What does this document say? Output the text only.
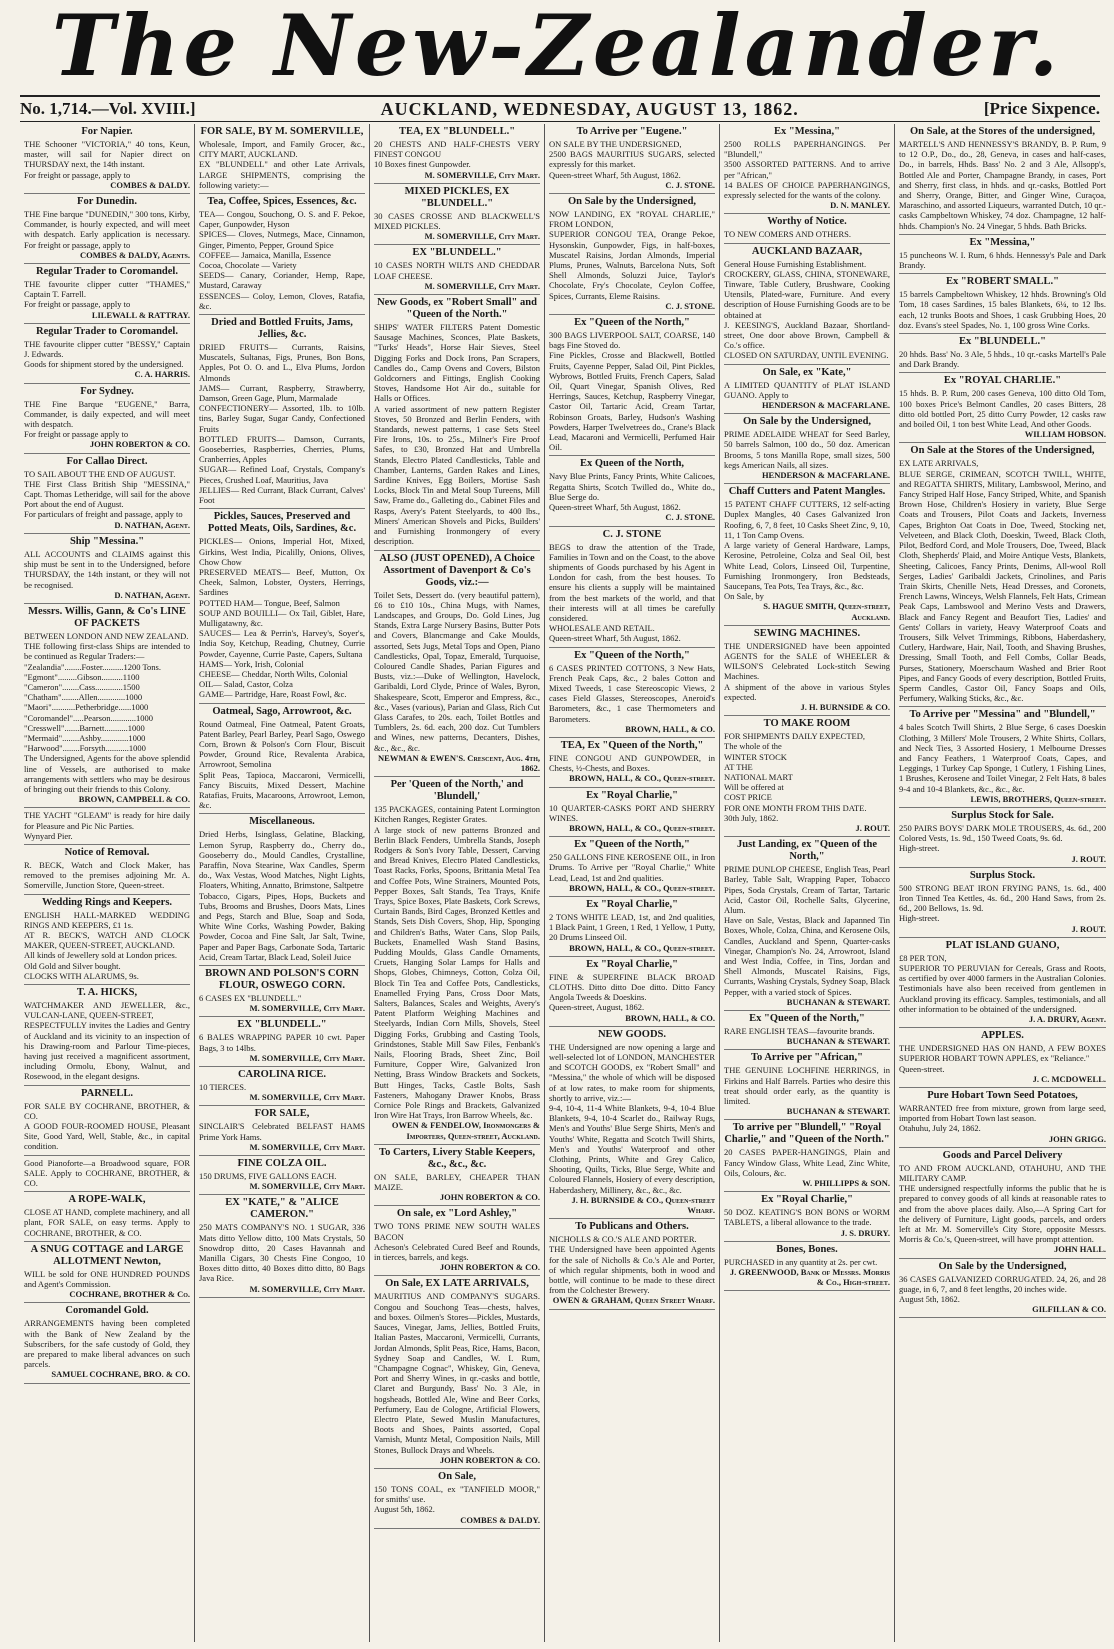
The New-Zealander.
No. 1,714.—Vol. XVIII.]	AUCKLAND, WEDNESDAY, AUGUST 13, 1862.	[Price Sixpence.
For Napier.

THE Schooner "VICTORIA," 40 tons, Keun, master, will sail for Napier direct on THURSDAY next, the 14th instant.

For freight or passage, apply to

COMBES & DALDY.

For Dunedin.

THE Fine barque "DUNEDIN," 300 tons, Kirby, Commander, is hourly expected, and will meet with despatch. Early application is necessary. For freight or passage, apply to

COMBES & DALDY, Agents.

Regular Trader to Coromandel.

THE favourite clipper cutter "THAMES," Captain T. Farrell.

For freight or passage, apply to

LILEWALL & RATTRAY.

Regular Trader to Coromandel.

THE favourite clipper cutter "BESSY," Captain J. Edwards.

Goods for shipment stored by the undersigned.

C. A. HARRIS.

For Sydney.

THE Fine Barque "EUGENE," Barra, Commander, is daily expected, and will meet with despatch.

For freight or passage apply to

JOHN ROBERTON & CO.

For Callao Direct.

TO SAIL ABOUT THE END OF AUGUST.

THE First Class British Ship "MESSINA," Capt. Thomas Letheridge, will sail for the above Port about the end of August.

For particulars of freight and passage, apply to

D. NATHAN, Agent.

Ship "Messina."

ALL ACCOUNTS and CLAIMS against this ship must be sent in to the Undersigned, before THURSDAY, the 14th instant, or they will not be recognised.

D. NATHAN, Agent.

Messrs. Willis, Gann, & Co's LINE OF PACKETS

BETWEEN LONDON AND NEW ZEALAND.

THE following first-class Ships are intended to be continued as Regular Traders:—

"Zealandia"........Foster..........1200 Tons.

"Egmont".........Gibson..........1100

"Cameron"........Cass.............1500

"Chatham"........Allen.............1000

"Maori"...........Petherbridge......1000

"Coromandel".....Pearson............1000

"Cresswell".......Barnett...........1000

"Mermaid"........Ashby.............1000

"Harwood"........Forsyth...........1000

The Undersigned, Agents for the above splendid line of Vessels, are authorised to make arrangements with settlers who may be desirous of bringing out their friends to this Colony.

BROWN, CAMPBELL & CO.

THE YACHT "GLEAM" is ready for hire daily for Pleasure and Pic Nic Parties.

Wynyard Pier.

Notice of Removal.

R. BECK, Watch and Clock Maker, has removed to the premises adjoining Mr. A. Somerville, Junction Store, Queen-street.

Wedding Rings and Keepers.

ENGLISH HALL-MARKED WEDDING RINGS AND KEEPERS, £1 1s.

AT R. BECK'S, WATCH AND CLOCK MAKER, QUEEN-STREET, AUCKLAND.

All kinds of Jewellery sold at London prices.

Old Gold and Silver bought.

CLOCKS WITH ALARUMS, 9s.

T. A. HICKS,

WATCHMAKER AND JEWELLER, &c., VULCAN-LANE, QUEEN-STREET,

RESPECTFULLY invites the Ladies and Gentry of Auckland and its vicinity to an inspection of his Drawing-room and Parlour Time-pieces, having just received a magnificent assortment, including Ormolu, Ebony, Walnut, and Rosewood, in the elegant designs.

PARNELL.

FOR SALE BY COCHRANE, BROTHER, & CO.

A GOOD FOUR-ROOMED HOUSE, Pleasant Site, Good Yard, Well, Stable, &c., in capital condition.

Good Pianoforte—a Broadwood square, FOR SALE. Apply to COCHRANE, BROTHER, & CO.

A ROPE-WALK,

CLOSE AT HAND, complete machinery, and all plant, FOR SALE, on easy terms. Apply to COCHRANE, BROTHER, & CO.

A SNUG COTTAGE and LARGE ALLOTMENT Newton,

WILL be sold for ONE HUNDRED POUNDS and Agent's Commission.

COCHRANE, BROTHER & Co.

Coromandel Gold.

ARRANGEMENTS having been completed with the Bank of New Zealand by the Subscribers, for the safe custody of Gold, they are prepared to make liberal advances on such parcels.

SAMUEL COCHRANE, BRO. & CO.

FOR SALE, BY M. SOMERVILLE,

Wholesale, Import, and Family Grocer, &c., CITY MART, AUCKLAND.

EX "BLUNDELL" and other Late Arrivals, LARGE SHIPMENTS, comprising the following variety:—

Tea, Coffee, Spices, Essences, &c.

TEA— Congou, Souchong, O. S. and F. Pekoe, Caper, Gunpowder, Hyson

SPICES— Cloves, Nutmegs, Mace, Cinnamon, Ginger, Pimento, Pepper, Ground Spice

COFFEE— Jamaica, Manilla, Essence

Cocoa, Chocolate — Variety

SEEDS— Canary, Coriander, Hemp, Rape, Mustard, Caraway

ESSENCES— Coloy, Lemon, Cloves, Ratafia, &c.

Dried and Bottled Fruits, Jams, Jellies, &c.

DRIED FRUITS— Currants, Raisins, Muscatels, Sultanas, Figs, Prunes, Bon Bons, Apples, Pot O. O. and L., Elva Plums, Jordon Almonds

JAMS— Currant, Raspberry, Strawberry, Damson, Green Gage, Plum, Marmalade

CONFECTIONERY— Assorted, 1lb. to 10lb. tins, Barley Sugar, Sugar Candy, Confectioned Fruits

BOTTLED FRUITS— Damson, Currants, Gooseberries, Raspberries, Cherries, Plums, Cranberries, Apples

SUGAR— Refined Loaf, Crystals, Company's Pieces, Crushed Loaf, Mauritius, Java

JELLIES— Red Currant, Black Currant, Calves' Foot

Pickles, Sauces, Preserved and Potted Meats, Oils, Sardines, &c.

PICKLES— Onions, Imperial Hot, Mixed, Girkins, West India, Picalilly, Onions, Olives, Chow Chow

PRESERVED MEATS— Beef, Mutton, Ox Cheek, Salmon, Lobster, Oysters, Herrings, Sardines

POTTED HAM— Tongue, Beef, Salmon

SOUP AND BOUILLI— Ox Tail, Giblet, Hare, Mulligatawny, &c.

SAUCES— Lea & Perrin's, Harvey's, Soyer's, India Soy, Ketchup, Reading, Chutney, Currie Powder, Cayenne, Currie Paste, Capers, Sultana

HAMS— York, Irish, Colonial

CHEESE— Cheddar, North Wilts, Colonial

OIL— Salad, Castor, Colza

GAME— Partridge, Hare, Roast Fowl, &c.

Oatmeal, Sago, Arrowroot, &c.

Round Oatmeal, Fine Oatmeal, Patent Groats, Patent Barley, Pearl Barley, Pearl Sago, Oswego Corn, Brown & Polson's Corn Flour, Biscuit Powder, Ground Rice, Revalenta Arabica, Arrowroot, Semolina

Split Peas, Tapioca, Maccaroni, Vermicelli, Fancy Biscuits, Mixed Dessert, Machine Ratafias, Fruits, Macaroons, Arrowroot, Lemon, &c.

Miscellaneous.

Dried Herbs, Isinglass, Gelatine, Blacking, Lemon Syrup, Raspberry do., Cherry do., Gooseberry do., Mould Candles, Crystalline, Paraffin, Nova Stearine, Wax Candles, Sperm do., Wax Vestas, Wood Matches, Night Lights, Floaters, Whiting, Annatto, Brimstone, Saltpetre

Tobacco, Cigars, Pipes, Hops, Buckets and Tubs, Brooms and Brushes, Doors Mats, Lines and Pegs, Starch and Blue, Soap and Soda, White Wine Corks, Washing Powder, Baking Powder, Cocoa and Fine Salt, Jar Salt, Twine, Paper and Paper Bags, Carbonate Soda, Tartaric Acid, Cream Tartar, Black Lead, Soleil Juice

BROWN AND POLSON'S CORN FLOUR, OSWEGO CORN.

6 CASES EX "BLUNDELL."

M. SOMERVILLE, City Mart.

EX "BLUNDELL."

6 BALES WRAPPING PAPER 10 cwt. Paper Bags, 3 to 14lbs.

M. SOMERVILLE, City Mart.

CAROLINA RICE.

10 TIERCES.

M. SOMERVILLE, City Mart.

FOR SALE,

SINCLAIR'S Celebrated BELFAST HAMS Prime York Hams.

M. SOMERVILLE, City Mart.

FINE COLZA OIL.

150 DRUMS, FIVE GALLONS EACH.

M. SOMERVILLE, City Mart.

EX "KATE," & "ALICE CAMERON."

250 MATS COMPANY'S NO. 1 SUGAR, 336 Mats ditto Yellow ditto, 100 Mats Crystals, 50 Snowdrop ditto, 20 Cases Havannah and Manilla Cigars, 30 Chests Fine Congoo, 10 Boxes ditto ditto, 40 Boxes ditto ditto, 80 Bags Java Rice.

M. SOMERVILLE, City Mart.

TEA, EX "BLUNDELL."

20 CHESTS AND HALF-CHESTS VERY FINEST CONGOU

10 Boxes finest Gunpowder.

M. SOMERVILLE, City Mart.

MIXED PICKLES, EX "BLUNDELL."

30 CASES CROSSE AND BLACKWELL'S MIXED PICKLES.

M. SOMERVILLE, City Mart.

EX "BLUNDELL."

10 CASES NORTH WILTS AND CHEDDAR LOAF CHEESE.

M. SOMERVILLE, City Mart.

New Goods, ex "Robert Small" and "Queen of the North."

SHIPS' WATER FILTERS Patent Domestic Sausage Machines, Sconces, Plate Baskets, "Turks' Heads", Horse Hair Sieves, Steel Digging Forks and Dock Irons, Pan Scrapers, Candles do., Camp Ovens and Covers, Bilston Goldcorners and Fittings, English Cooking Stoves, Handsome Hot Air do., suitable for Halls or Offices.

A varied assortment of new pattern Register Stoves, 50 Bronzed and Berlin Fenders, with Standards, newest patterns, 1 case Sets Steel Fire Irons, 10s. to 25s., Milner's Fire Proof Safes, to £30, Bronzed Hat and Umbrella Stands, Electro Plated Candlesticks, Table and Chamber, Lanterns, Garden Rakes and Lines, Sardine Knives, Egg Boilers, Mortise Sash Locks, Block Tin and Metal Soup Tureens, Mill Saw, Frame do., Galleting do., Cabinet Files and Rasps, Avery's Patent Steelyards, to 400 lbs., Miners' American Shovels and Picks, Builders' and Furnishing Ironmongery of every description.

ALSO (JUST OPENED), A Choice Assortment of Davenport & Co's Goods, viz.:—

Toilet Sets, Dessert do. (very beautiful pattern), £6 to £10 10s., China Mugs, with Names, Landscapes, and Groups, Do. Gold Lines, Jug Stands, Extra Large Nursery Basins, Butter Pots and Covers, Blancmange and Cake Moulds, assorted, Sets Jugs, Metal Tops and Open, Piano Candlesticks, Opal, Topaz, Emerald, Turquoise, Coloured Candle Shades, Parian Figures and Busts, viz.:—Duke of Wellington, Havelock, Garibaldi, Lord Clyde, Prince of Wales, Byron, Shakespeare, Scott, Emperor and Empress, &c., &c., Vases (various), Parian and Glass, Rich Cut Glass Carafes, to 20s. each, Toilet Bottles and Tumblers, 2s. 6d. each, 200 doz. Cut Tumblers and Wines, new patterns, Decanters, Dishes, &c., &c., &c.

NEWMAN & EWEN'S. Crescent, Aug. 4th, 1862.

Per 'Queen of the North,' and 'Blundell,'

135 PACKAGES, containing Patent Lormington Kitchen Ranges, Register Grates.

A large stock of new patterns Bronzed and Berlin Black Fenders, Umbrella Stands, Joseph Rodgers & Son's Ivory Table, Dessert, Carving and Bread Knives, Electro Plated Candlesticks, Toast Racks, Forks, Spoons, Brittania Metal Tea and Coffee Pots, Wine Strainers, Mounted Pots, Pepper Boxes, Salt Stands, Tea Trays, Knife Trays, Spice Boxes, Plate Baskets, Cork Screws, Curtain Bands, Bird Cages, Bronzed Kettles and Stands, Sets Dish Covers, Shop, Hip, Sponging and Children's Baths, Water Cans, Slop Pails, Buckets, Enamelled Wash Stand Basins, Pudding Moulds, Glass Candle Ornaments, Cruets, Hanging Solar Lamps for Halls and Shops, Globes, Chimneys, Cotton, Colza Oil, Block Tin Tea and Coffee Pots, Candlesticks, Enamelled Frying Pans, Cross Door Mats, Salters, Balances, Scales and Weights, Avery's Patent Platform Weighing Machines and Steelyards, Indian Corn Mills, Shovels, Steel Digging Forks, Grubbing and Casting Tools, Grindstones, Stable Mill Saw Files, Fenbank's Nails, Flooring Brads, Sheet Zinc, Boil Furniture, Copper Wire, Galvanized Iron Netting, Brass Window Brackets and Sockets, Butt Hinges, Tacks, Castle Bolts, Sash Fasteners, Mahogany Drawer Knobs, Brass Cornice Pole Rings and Brackets, Galvanized Iron Wire Hat Trays, Iron Barrow Wheels, &c.

OWEN & FENDELOW, Ironmongers & Importers, Queen-street, Auckland.

To Carters, Livery Stable Keepers, &c., &c., &c.

ON SALE, BARLEY, CHEAPER THAN MAIZE.

JOHN ROBERTON & CO.

On sale, ex "Lord Ashley,"

TWO TONS PRIME NEW SOUTH WALES BACON

Acheson's Celebrated Cured Beef and Rounds, in tierces, barrels, and kegs.

JOHN ROBERTON & CO.

On Sale, EX LATE ARRIVALS,

MAURITIUS AND COMPANY'S SUGARS. Congou and Souchong Teas—chests, halves, and boxes. Oilmen's Stores—Pickles, Mustards, Sauces, Vinegar, Jams, Jellies, Bottled Fruits, Italian Pastes, Maccaroni, Vermicelli, Currants, Jordan Almonds, Split Peas, Rice, Hams, Bacon, Sydney Soap and Candles, W. I. Rum, "Champagne Cognac", Whiskey, Gin, Geneva, Port and Sherry Wines, in qr.-casks and bottle, Claret and Burgundy, Bass' No. 3 Ale, in hogsheads, Bottled Ale, Wine and Beer Corks, Perfumery, Eau de Cologne, Artificial Flowers, Electro Plate, Sewed Muslin Manufactures, Boots and Shoes, Paints assorted, Copal Varnish, Muntz Metal, Composition Nails, Mill Stones, Bullock Drays and Wheels.

JOHN ROBERTON & CO.

On Sale,

150 TONS COAL, ex "TANFIELD MOOR," for smiths' use.

August 5th, 1862.

COMBES & DALDY.

To Arrive per "Eugene."

ON SALE BY THE UNDERSIGNED,

2500 BAGS MAURITIUS SUGARS, selected expressly for this market.

Queen-street Wharf, 5th August, 1862.

C. J. STONE.

On Sale by the Undersigned,

NOW LANDING, EX "ROYAL CHARLIE," FROM LONDON,

SUPERIOR CONGOU TEA, Orange Pekoe, Hysonskin, Gunpowder, Figs, in half-boxes, Muscatel Raisins, Jordan Almonds, Imperial Plums, Prunes, Walnuts, Barcelona Nuts, Soft Shell Almonds, Soluzzi Juice, Taylor's Chocolate, Fry's Chocolate, Ceylon Coffee, Spices, Currants, Eleme Raisins.

C. J. STONE.

Ex "Queen of the North,"

300 BAGS LIVERPOOL SALT, COARSE, 140 bags Fine Stoved do.

Fine Pickles, Crosse and Blackwell, Bottled Fruits, Cayenne Pepper, Salad Oil, Pint Pickles, Wybrows, Bottled Fruits, French Capers, Salad Oil, Quart Vinegar, Spanish Olives, Red Herrings, Sauces, Ketchup, Raspberry Vinegar, Castor Oil, Tartaric Acid, Cream Tartar, Robinson Groats, Barley, Hudson's Washing Powders, Harper Twelvetrees do., Crane's Black Lead, Macaroni and Vermicelli, Perfumed Hair Oil.

Ex Queen of the North,

Navy Blue Prints, Fancy Prints, White Calicoes, Regatta Shirts, Scotch Twilled do., White do., Blue Serge do.

Queen-street Wharf, 5th August, 1862.

C. J. STONE.

C. J. STONE

BEGS to draw the attention of the Trade, Families in Town and on the Coast, to the above shipments of Goods purchased by his Agent in London for cash, from the best houses. To ensure his clients a supply will be maintained from the best markets of the world, and that their interests will at all times be carefully considered.

WHOLESALE AND RETAIL.

Queen-street Wharf, 5th August, 1862.

Ex "Queen of the North,"

6 CASES PRINTED COTTONS, 3 New Hats, French Peak Caps, &c., 2 bales Cotton and Mixed Tweeds, 1 case Stereoscopic Views, 2 cases Field Glasses, Stereoscopes, Aneroid's Barometers, &c., 1 case Thermometers and Barometers.

BROWN, HALL, & CO.

TEA, Ex "Queen of the North,"

FINE CONGOU AND GUNPOWDER, in Chests, ½-Chests, and Boxes.

BROWN, HALL, & CO., Queen-street.

Ex "Royal Charlie,"

10 QUARTER-CASKS PORT AND SHERRY WINES.

BROWN, HALL, & CO., Queen-street.

Ex "Queen of the North,"

250 GALLONS FINE KEROSENE OIL, in Iron Drums. To Arrive per "Royal Charlie," White Lead, Lead, 1st and 2nd qualities.

BROWN, HALL, & CO., Queen-street.

Ex "Royal Charlie,"

2 TONS WHITE LEAD, 1st, and 2nd qualities, 1 Black Paint, 1 Green, 1 Red, 1 Yellow, 1 Putty, 20 Drums Linseed Oil.

BROWN, HALL, & CO., Queen-street.

Ex "Royal Charlie,"

FINE & SUPERFINE BLACK BROAD CLOTHS. Ditto ditto Doe ditto. Ditto Fancy Angola Tweeds & Doeskins.

Queen-street, August, 1862.

BROWN, HALL, & CO.

NEW GOODS.

THE Undersigned are now opening a large and well-selected lot of LONDON, MANCHESTER and SCOTCH GOODS, ex "Robert Small" and "Messina," the whole of which will be disposed of at low rates, to make room for shipments, shortly to arrive, viz.:—

9-4, 10-4, 11-4 White Blankets, 9-4, 10-4 Blue Blankets, 9-4, 10-4 Scarlet do., Railway Rugs, Men's and Youths' Blue Serge Shirts, Men's and Youths' White, Regatta and Scotch Twill Shirts, Men's and Youths' Waterproof and other Clothing, Prints, White and Grey Calico, Shooting, Quilts, Ticks, Blue Serge, White and Coloured Flannels, Hosiery of every description, Haberdashery, Millinery, &c., &c., &c.

J. H. BURNSIDE & CO., Queen-street Wharf.

To Publicans and Others.

NICHOLLS & CO.'S ALE AND PORTER.

THE Undersigned have been appointed Agents for the sale of Nicholls & Co.'s Ale and Porter, of which regular shipments, both in wood and bottle, will continue to be made to these direct from the Colchester Brewery.

OWEN & GRAHAM, Queen Street Wharf.

Ex "Messina,"

2500 ROLLS PAPERHANGINGS. Per "Blundell,"

3500 ASSORTED PATTERNS. And to arrive per "African,"

14 BALES OF CHOICE PAPERHANGINGS, expressly selected for the wants of the colony.

D. N. MANLEY.

Worthy of Notice.

TO NEW COMERS AND OTHERS.

AUCKLAND BAZAAR,

General House Furnishing Establishment.

CROCKERY, GLASS, CHINA, STONEWARE, Tinware, Table Cutlery, Brushware, Cooking Utensils, Plated-ware, Furniture. And every description of House Furnishing Goods are to be obtained at

J. KEESING'S, Auckland Bazaar, Shortland-street, One door above Brown, Campbell & Co.'s office.

CLOSED ON SATURDAY, UNTIL EVENING.

On Sale, ex "Kate,"

A LIMITED QUANTITY of PLAT ISLAND GUANO. Apply to

HENDERSON & MACFARLANE.

On Sale by the Undersigned,

PRIME ADELAIDE WHEAT for Seed Barley, 50 barrels Salmon, 100 do., 50 doz. American Brooms, 5 tons Manilla Rope, small sizes, 500 kegs American Nails, all sizes.

HENDERSON & MACFARLANE.

Chaff Cutters and Patent Mangles.

15 PATENT CHAFF CUTTERS, 12 self-acting Duplex Mangles, 40 Cases Galvanized Iron Roofing, 6, 7, 8 feet, 10 Casks Sheet Zinc, 9, 10, 11, 1 Ton Camp Ovens.

A large variety of General Hardware, Lamps, Kerosine, Petroleine, Colza and Seal Oil, best White Lead, Colors, Linseed Oil, Turpentine, Furnishing Ironmongery, Iron Bedsteads, Saucepans, Tea Pots, Tea Trays, &c., &c.

On Sale, by

S. HAGUE SMITH, Queen-street, Auckland.

SEWING MACHINES.

THE UNDERSIGNED have been appointed AGENTS for the SALE of WHEELER & WILSON'S Celebrated Lock-stitch Sewing Machines.

A shipment of the above in various Styles expected.

J. H. BURNSIDE & CO.

TO MAKE ROOM

FOR SHIPMENTS DAILY EXPECTED,

The whole of the

WINTER STOCK

AT THE

NATIONAL MART

Will be offered at

COST PRICE

FOR ONE MONTH FROM THIS DATE.

30th July, 1862.

J. ROUT.

Just Landing, ex "Queen of the North,"

PRIME DUNLOP CHEESE, English Teas, Pearl Barley, Table Salt, Wrapping Paper, Tobacco Pipes, Soda Crystals, Cream of Tartar, Tartaric Acid, Castor Oil, Rochelle Salts, Glycerine, Alum.

Have on Sale, Vestas, Black and Japanned Tin Boxes, Whole, Colza, China, and Kerosene Oils, Candles, Auckland and Spenn, Quarter-casks Vinegar, Champion's No. 24, Arrowroot, Island and West India, Coffee, in Tins, Jordan and Shell Almonds, Muscatel Raisins, Figs, Currants, Washing Crystals, Sydney Soap, Black Pepper, with a varied stock of Spices.

BUCHANAN & STEWART.

Ex "Queen of the North,"

RARE ENGLISH TEAS—favourite brands.

BUCHANAN & STEWART.

To Arrive per "African,"

THE GENUINE LOCHFINE HERRINGS, in Firkins and Half Barrels. Parties who desire this treat should order early, as the quantity is limited.

BUCHANAN & STEWART.

To arrive per "Blundell," "Royal Charlie," and "Queen of the North."

20 CASES PAPER-HANGINGS, Plain and Fancy Window Glass, White Lead, Zinc White, Oils, Colours, &c.

W. PHILLIPPS & SON.

Ex "Royal Charlie,"

50 DOZ. KEATING'S BON BONS or WORM TABLETS, a liberal allowance to the trade.

J. S. DRURY.

Bones, Bones.

PURCHASED in any quantity at 2s. per cwt.

J. GREENWOOD, Bank of Messrs. Morris & Co., High-street.

On Sale, at the Stores of the undersigned,

MARTELL'S AND HENNESSY'S BRANDY, B. P. Rum, 9 to 12 O.P., Do., do., 28, Geneva, in cases and half-cases, Do., in barrels, Hhds. Bass' No. 2 and 3 Ale, Allsopp's, Bottled Ale and Porter, Champagne Brandy, in cases, Port and Sherry, first class, in hhds. and qr.-casks, Bottled Port and Sherry, Orange, Bitter, and Ginger Wine, Curaçoa, Maraschino, and assorted Liqueurs, warranted Dutch, 10 qr.-casks Campbeltown Whiskey, 74 doz. Champagne, 12 half-hhds. Champion's No. 24 Vinegar, 5 hhds. Bath Bricks.

Ex "Messina,"

15 puncheons W. I. Rum, 6 hhds. Hennessy's Pale and Dark Brandy.

Ex "ROBERT SMALL."

15 barrels Campbeltown Whiskey, 12 hhds. Browning's Old Tom, 18 cases Sardines, 15 bales Blankets, 6¼, to 12 lbs. each, 12 trunks Boots and Shoes, 1 cask Grubbing Hoes, 20 doz. Evans's steel Spades, No. 1, 100 gross Wine Corks.

Ex "BLUNDELL."

20 hhds. Bass' No. 3 Ale, 5 hhds., 10 qr.-casks Martell's Pale and Dark Brandy.

Ex "ROYAL CHARLIE."

15 hhds. B. P. Rum, 200 cases Geneva, 100 ditto Old Tom, 100 boxes Price's Belmont Candles, 20 cases Bitters, 28 ditto old bottled Port, 25 ditto Curry Powder, 12 casks raw and boiled Oil, 1 ton best White Lead, And other Goods.

WILLIAM HOBSON.

On Sale at the Stores of the Undersigned,

EX LATE ARRIVALS,

BLUE SERGE, CRIMEAN, SCOTCH TWILL, WHITE, and REGATTA SHIRTS, Military, Lambswool, Merino, and Fancy Striped Half Hose, Fancy Striped, White, and Spanish Brown Hose, Children's Hosiery in variety, Blue Serge Coats and Trousers, Pilot Coats and Jackets, Inverness Capes, Brighton Oat Coats in Doe, Tweed, Stocking net, Velveteen, and Black Cloth, Doeskin, Tweed, Black Cloth, Pilot, Bedford Cord, and Mole Trousers, Doe, Tweed, Black Cloth, Shepherds' Plaid, and Moire Antique Vests, Blankets, Sheeting, Calicoes, Fancy Prints, Denims, All-wool Roll Serges, Ladies' Garibaldi Jackets, Crinolines, and Paris Train Skirts, Chenille Nets, Head Dresses, and Coronets, French Lawns, Winceys, Welsh Flannels, Felt Hats, Crimean Peak Caps, Lambswool and Merino Vests and Drawers, Black and Fancy Regent and Beaufort Ties, Ladies' and Gents' Collars in variety, Heavy Waterproof Coats and Trousers, Silk Velvet Trimmings, Ribbons, Haberdashery, Cutlery, Hardware, Hair, Nail, Tooth, and Shaving Brushes, Dressing, Small Tooth, and Fell Combs, Collar Beads, Purses, Stationery, Moerschaum Washed and Brier Root Pipes, and Fancy Goods of every description, Bottled Fruits, Sperm Candles, Castor Oil, Fancy Soaps and Oils, Perfumery, Walking Sticks, &c., &c.

To Arrive per "Messina" and "Blundell,"

4 bales Scotch Twill Shirts, 2 Blue Serge, 6 cases Doeskin Clothing, 3 Millers' Mole Trousers, 2 White Shirts, Collars, and Neck Ties, 3 Assorted Hosiery, 1 Melbourne Dresses and Fancy Feathers, 1 Waterproof Coats, Capes, and Leggings, 1 Turkey Cap Sponge, 1 Cutlery, 1 Fishing Lines, 1 Brushes, Kerosene and Toilet Vinegar, 2 Felt Hats, 8 bales 9-4 and 10-4 Blankets, &c., &c., &c.

LEWIS, BROTHERS, Queen-street.

Surplus Stock for Sale.

250 PAIRS BOYS' DARK MOLE TROUSERS, 4s. 6d., 200 Colored Vests, 1s. 9d., 150 Tweed Coats, 9s. 6d.

High-street.

J. ROUT.

Surplus Stock.

500 STRONG BEAT IRON FRYING PANS, 1s. 6d., 400 Iron Tinned Tea Kettles, 4s. 6d., 200 Hand Saws, from 2s. 6d., 200 Bellows, 1s. 9d.

High-street.

J. ROUT.

PLAT ISLAND GUANO,

£8 PER TON,

SUPERIOR TO PERUVIAN for Cereals, Grass and Roots, as certified by over 4000 farmers in the Australian Colonies. Testimonials have also been received from gentlemen in Auckland proving its efficacy. Samples, testimonials, and all other information to be obtained of the undersigned.

J. A. DRURY, Agent.

APPLES.

THE UNDERSIGNED HAS ON HAND, A FEW BOXES SUPERIOR HOBART TOWN APPLES, ex "Reliance."

Queen-street.

J. C. MCDOWELL.

Pure Hobart Town Seed Potatoes,

WARRANTED free from mixture, grown from large seed, imported from Hobart Town last season.

Otahuhu, July 24, 1862.

JOHN GRIGG.

Goods and Parcel Delivery

TO AND FROM AUCKLAND, OTAHUHU, AND THE MILITARY CAMP.

THE undersigned respectfully informs the public that he is prepared to convey goods of all kinds at reasonable rates to and from the above places daily. Also,—A Spring Cart for the delivery of Furniture, Light goods, parcels, and orders left at Mr. M. Somerville's City Store, opposite Messrs. Morris & Co.'s, Queen-street, will have prompt attention.

JOHN HALL.

On Sale by the Undersigned,

36 CASES GALVANIZED CORRUGATED. 24, 26, and 28 guage, in 6, 7, and 8 feet lengths, 20 inches wide.

August 5th, 1862.

GILFILLAN & CO.
